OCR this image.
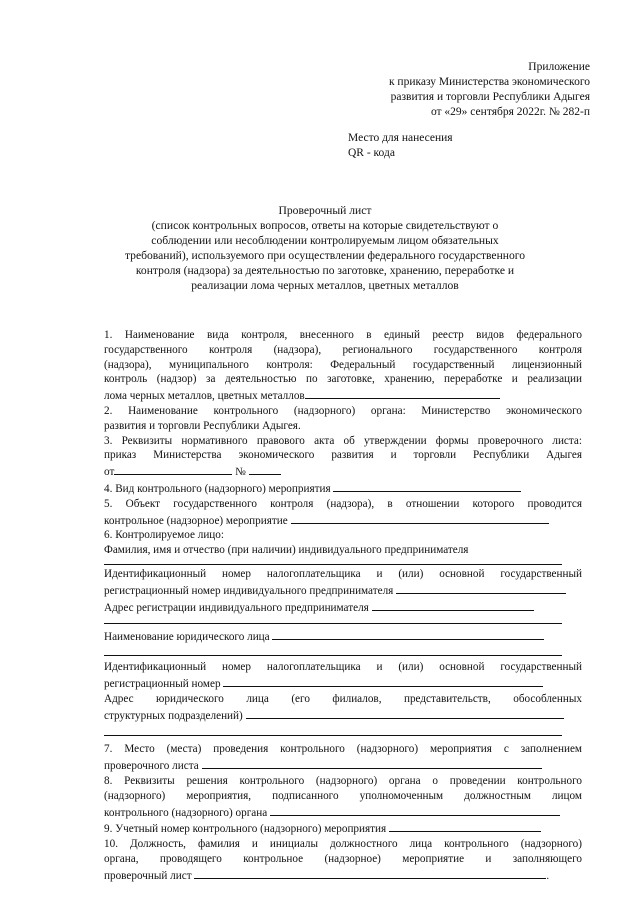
Приложение
к приказу Министерства экономического
развития и торговли Республики Адыгея
от «29» сентября 2022г. № 282-п
Место для нанесения
QR - кода
Проверочный лист
(список контрольных вопросов, ответы на которые свидетельствуют о
соблюдении или несоблюдении контролируемым лицом обязательных
требований), используемого при осуществлении федерального государственного
контроля (надзора) за деятельностью по заготовке, хранению, переработке и
реализации лома черных металлов, цветных металлов
1. Наименование вида контроля, внесенного в единый реестр видов федерального
государственного контроля (надзора), регионального государственного контроля
(надзора), муниципального контроля: Федеральный государственный лицензионный
контроль (надзор) за деятельностью по заготовке, хранению, переработке и реализации
лома черных металлов, цветных металлов
2. Наименование контрольного (надзорного) органа: Министерство экономического
развития и торговли Республики Адыгея.
3. Реквизиты нормативного правового акта об утверждении формы проверочного листа:
приказ Министерства экономического развития и торговли Республики Адыгея
от	№
4. Вид контрольного (надзорного) мероприятия
5. Объект государственного контроля (надзора), в отношении которого проводится
контрольное (надзорное) мероприятие
6. Контролируемое лицо:
Фамилия, имя и отчество (при наличии) индивидуального предпринимателя
Идентификационный номер налогоплательщика и (или) основной государственный
регистрационный номер индивидуального предпринимателя
Адрес регистрации индивидуального предпринимателя
Наименование юридического лица
Идентификационный номер налогоплательщика и (или) основной государственный
регистрационный номер
Адрес юридического лица (его филиалов, представительств, обособленных
структурных подразделений)
7. Место (места) проведения контрольного (надзорного) мероприятия с заполнением
проверочного листа
8. Реквизиты решения контрольного (надзорного) органа о проведении контрольного
(надзорного) мероприятия, подписанного уполномоченным должностным лицом
контрольного (надзорного) органа
9. Учетный номер контрольного (надзорного) мероприятия
10. Должность, фамилия и инициалы должностного лица контрольного (надзорного)
органа, проводящего контрольное (надзорное) мероприятие и заполняющего
проверочный лист	.
